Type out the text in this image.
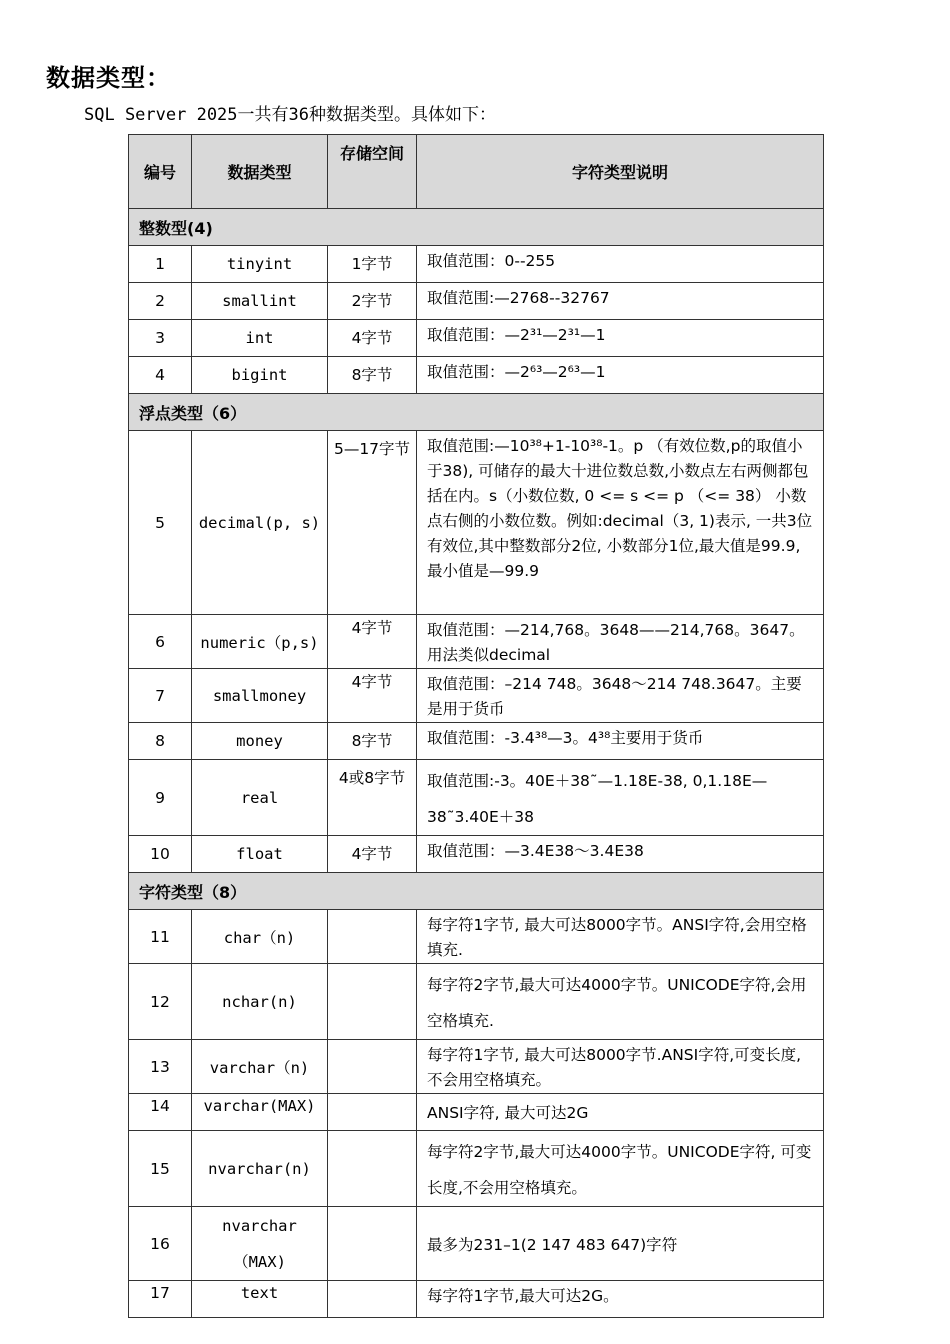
数据类型：
SQL Server 2025一共有36种数据类型。具体如下：
编号	数据类型	存储空间	字符类型说明
整数型(4)			
1	tinyint	1字节	取值范围：0--255
2	smallint	2字节	取值范围:—2768--32767
3	int	4字节	取值范围：—2³¹—2³¹—1
4	bigint	8字节	取值范围：—2⁶³—2⁶³—1
浮点类型（6）			
5	decimal(p, s)	5—17字节	取值范围:—10³⁸+1-10³⁸-1。p （有效位数,p的取值小于38), 可储存的最大十进位数总数,小数点左右两侧都包括在内。s（小数位数, 0 <= s <= p （<= 38） 小数点右侧的小数位数。例如:decimal（3, 1)表示, 一共3位有效位,其中整数部分2位, 小数部分1位,最大值是99.9, 最小值是—99.9
6	numeric（p,s)	4字节	取值范围：—214,768。3648——214,768。3647。用法类似decimal
7	smallmoney	4字节	取值范围：–214 748。3648～214 748.3647。主要是用于货币
8	money	8字节	取值范围：-3.4³⁸—3。4³⁸主要用于货币
9	real	4或8字节	取值范围:-3。40E＋38˜—1.18E-38, 0,1.18E—38˜3.40E＋38
10	float	4字节	取值范围：—3.4E38～3.4E38
字符类型（8）			
11	char（n)		每字符1字节, 最大可达8000字节。ANSI字符,会用空格填充.
12	nchar(n)		每字符2字节,最大可达4000字节。UNICODE字符,会用空格填充.
13	varchar（n)		每字符1字节, 最大可达8000字节.ANSI字符,可变长度,不会用空格填充。
14	varchar(MAX)		ANSI字符, 最大可达2G
15	nvarchar(n)		每字符2字节,最大可达4000字节。UNICODE字符, 可变长度,不会用空格填充。
16	nvarchar（MAX)		最多为231–1(2 147 483 647)字符
17	text		每字符1字节,最大可达2G。
